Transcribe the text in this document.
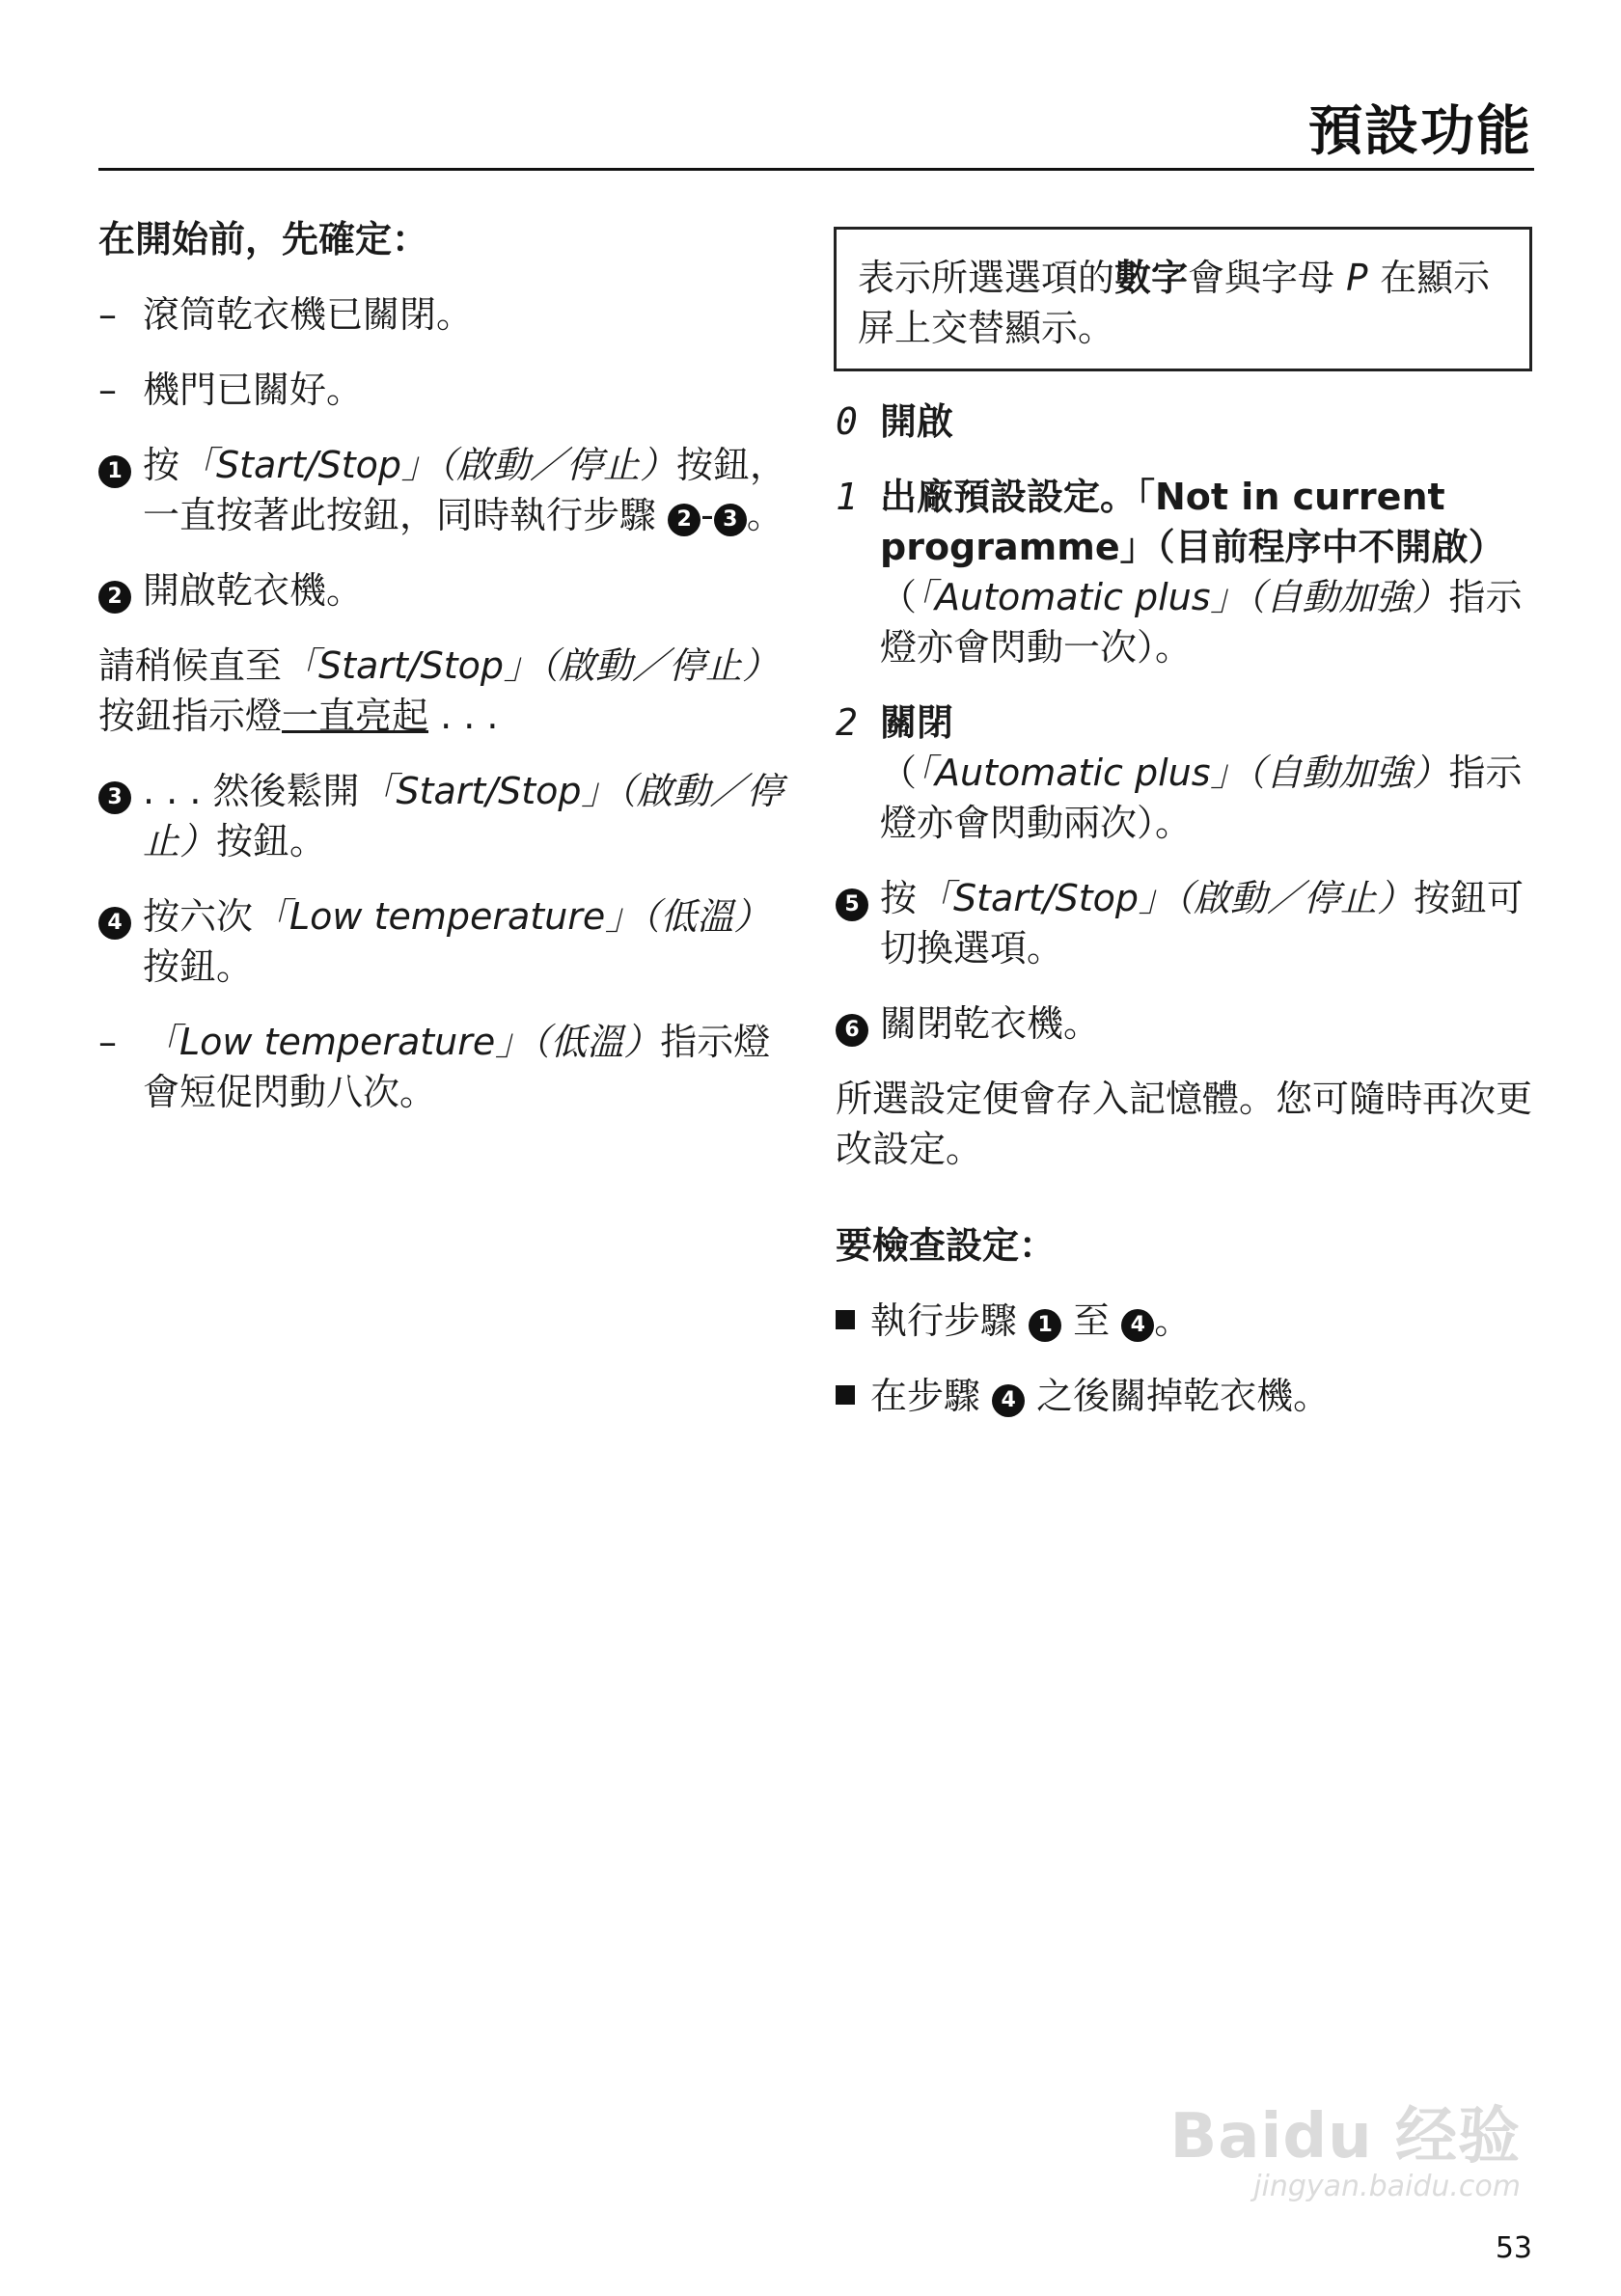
預設功能
在開始前，先確定：
– 滾筒乾衣機已關閉。
– 機門已關好。
1 按「Start/Stop」（啟動／停止）按鈕，一直按著此按鈕，同時執行步驟 2 - 3 。
2 開啟乾衣機。
請稍候直至「Start/Stop」（啟動／停止）按鈕指示燈一直亮起 . . .
3 . . . 然後鬆開「Start/Stop」（啟動／停止）按鈕。
4 按六次「Low temperature」（低溫）按鈕。
– 「Low temperature」（低溫）指示燈會短促閃動八次。
表示所選選項的數字會與字母 P 在顯示屏上交替顯示。
0 開啟
1 出廠預設設定。「Not in current programme」（目前程序中不開啟）
（「Automatic plus」（自動加強）指示燈亦會閃動一次）。
2 關閉
（「Automatic plus」（自動加強）指示燈亦會閃動兩次）。
5 按「Start/Stop」（啟動／停止）按鈕可切換選項。
6 關閉乾衣機。
所選設定便會存入記憶體。您可隨時再次更改設定。
要檢查設定：
執行步驟 1 至 4 。
在步驟 4 之後關掉乾衣機。
Baidu 经验
jingyan.baidu.com
53
